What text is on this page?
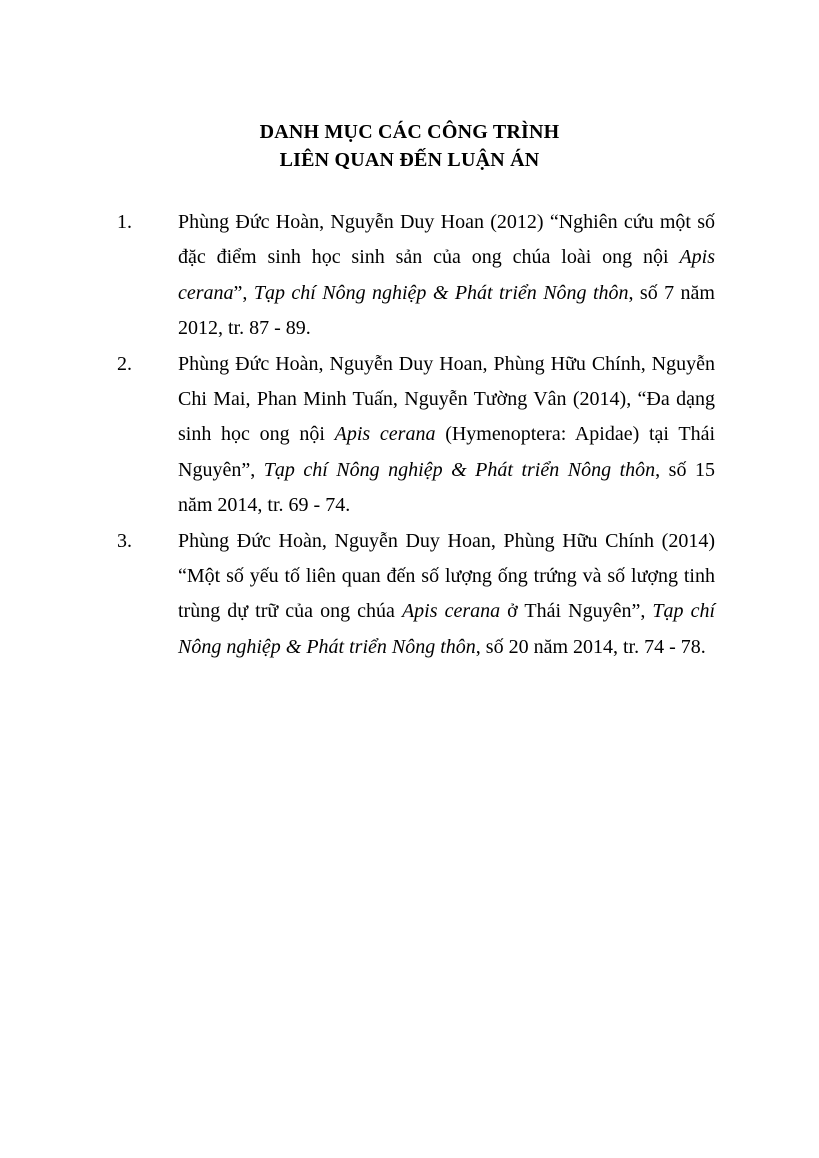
DANH MỤC CÁC CÔNG TRÌNH
LIÊN QUAN ĐẾN LUẬN ÁN
1. Phùng Đức Hoàn, Nguyễn Duy Hoan (2012) “Nghiên cứu một số đặc điểm sinh học sinh sản của ong chúa loài ong nội Apis cerana”, Tạp chí Nông nghiệp & Phát triển Nông thôn, số 7 năm 2012, tr. 87 - 89.
2. Phùng Đức Hoàn, Nguyễn Duy Hoan, Phùng Hữu Chính, Nguyễn Chi Mai, Phan Minh Tuấn, Nguyễn Tường Vân (2014), “Đa dạng sinh học ong nội Apis cerana (Hymenoptera: Apidae) tại Thái Nguyên”, Tạp chí Nông nghiệp & Phát triển Nông thôn, số 15 năm 2014, tr. 69 - 74.
3. Phùng Đức Hoàn, Nguyễn Duy Hoan, Phùng Hữu Chính (2014) “Một số yếu tố liên quan đến số lượng ống trứng và số lượng tinh trùng dự trữ của ong chúa Apis cerana ở Thái Nguyên”, Tạp chí Nông nghiệp & Phát triển Nông thôn, số 20 năm 2014, tr. 74 - 78.
